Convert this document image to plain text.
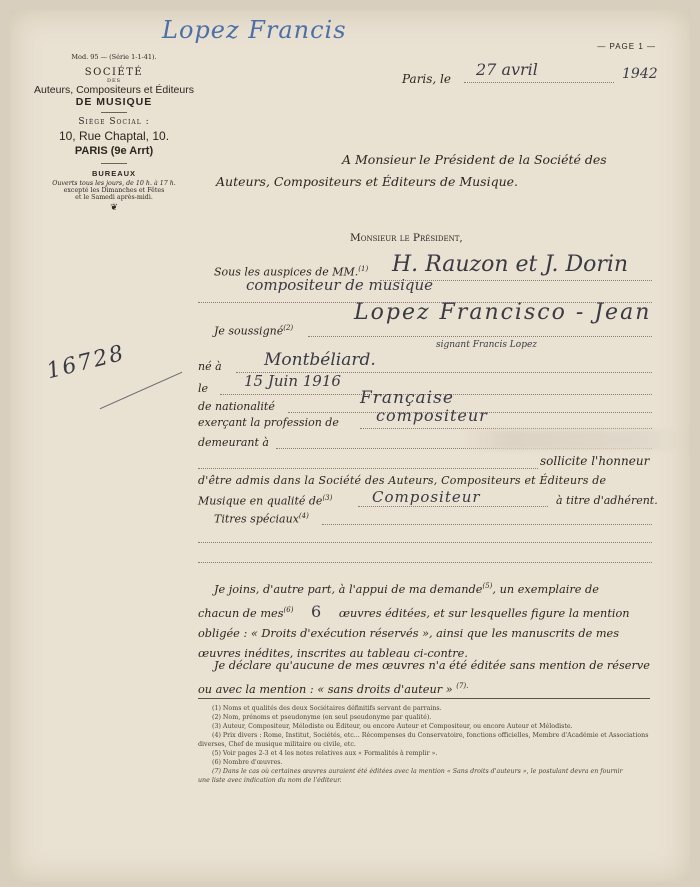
Lopez Francis
Mod. 95 — (Série 1-1-41).
SOCIÉTÉ
DES
Auteurs, Compositeurs et Éditeurs
DE MUSIQUE
Siège Social :
10, Rue Chaptal, 10.
PARIS (9e Arrt)
BUREAUX
Ouverts tous les jours, de 10 h. à 17 h.
excepté les Dimanches et Fêtes
et le Samedi après-midi.
❦
— PAGE 1 —
Paris, le 27 avril	1942
A Monsieur le Président de la Société des
Auteurs, Compositeurs et Éditeurs de Musique.
Monsieur le Président,
Sous les auspices de MM.$^{(1)}$ H. Rauzon et J. Dorin
compositeur de musique
Je soussigné$^{(2)}$
Lopez Francisco - Jean
signant Francis Lopez
né à Montbéliard.
le 15 Juin 1916
de nationalité	Française
exerçant la profession de compositeur
demeurant à
sollicite l'honneur
d'être admis dans la Société des Auteurs, Compositeurs et Éditeurs de
Musique en qualité $de^{(3)}$	Compositeur	à titre d'adhérent.
Titres spéciaux$^{(4)}$
16728
Je joins, d'autre part, à l'appui de ma demande$^{(5)}$, un exemplaire de
chacun de mes$^{(6)}$ 6 œuvres éditées, et sur lesquelles figure la mention
obligée : « Droits d'exécution réservés », ainsi que les manuscrits de mes
œuvres inédites, inscrites au tableau ci-contre.
Je déclare qu'aucune de mes œuvres n'a été éditée sans mention de réserve
ou avec la mention : « sans droits d'auteur » $^{(7).}$
(1) Noms et qualités des deux Sociétaires définitifs servant de parrains.
(2) Nom, prénoms et pseudonyme (en seul pseudonyme par qualité).
(3) Auteur, Compositeur, Mélodiste ou Éditeur, ou encore Auteur et Compositeur, ou encore Auteur et Mélodiste.
(4) Prix divers : Rome, Institut, Sociétés, etc... Récompenses du Conservatoire, fonctions officielles, Membre d'Académie et Associations
diverses, Chef de musique militaire ou civile, etc.
(5) Voir pages 2-3 et 4 les notes relatives aux « Formalités à remplir ».
(6) Nombre d'œuvres.
(7) Dans le cas où certaines œuvres auraient été éditées avec la mention « Sans droits d'auteurs », le postulant devra en fournir
une liste avec indication du nom de l'éditeur.
